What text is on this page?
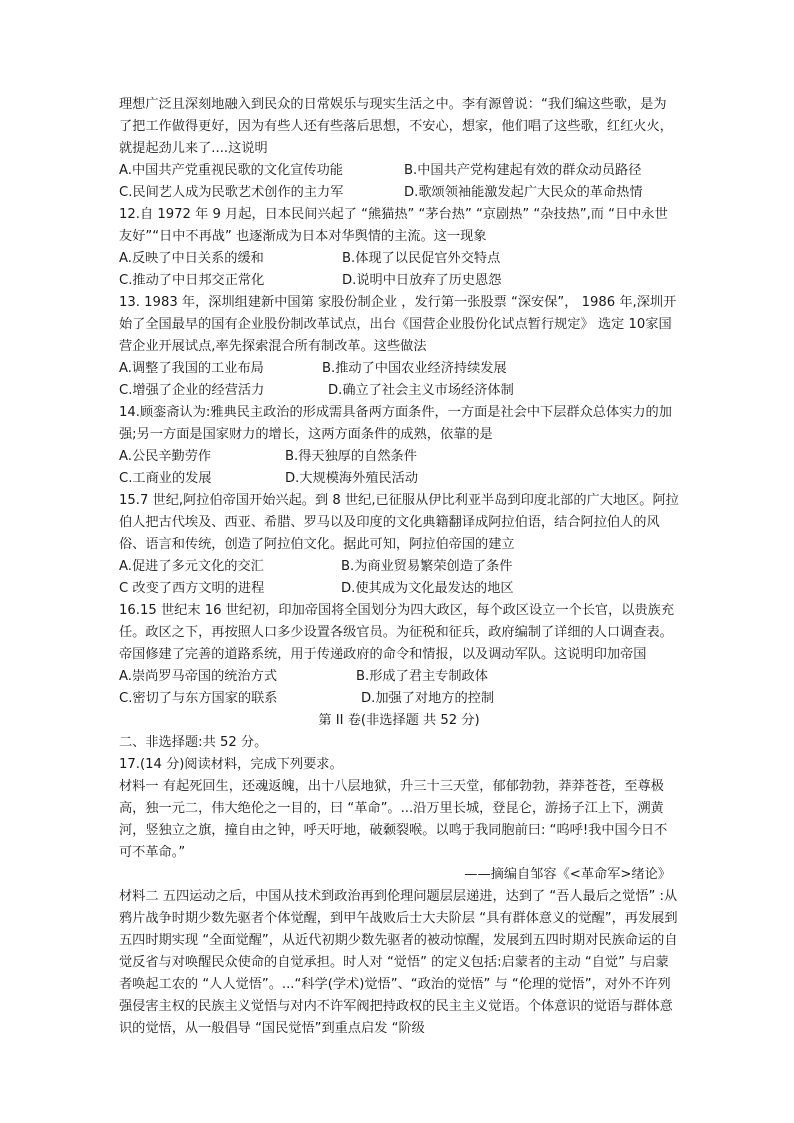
理想广泛且深刻地融入到民众的日常娱乐与现实生活之中。李有源曾说：“我们编这些歌，是为了把工作做得更好，因为有些人还有些落后思想，不安心，想家，他们唱了这些歌，红红火火，就提起劲儿来了....这说明

A.中国共产党重视民歌的文化宣传功能	B.中国共产党构建起有效的群众动员路径
C.民间艺人成为民歌艺术创作的主力军	D.歌颂领袖能激发起广大民众的革命热情

12.自 1972 年 9 月起，日本民间兴起了 “熊猫热” “茅台热” “京剧热” “杂技热”,而 “日中永世友好”“日中不再战” 也逐渐成为日本对华舆情的主流。这一现象

A.反映了中日关系的缓和	B.体现了以民促官外交特点
C.推动了中日邦交正常化	D.说明中日放弃了历史恩怨

13. 1983 年，深圳组建新中国第 家股份制企业 ，发行第一张股票 “深安保”， 1986 年,深圳开始了全国最早的国有企业股份制改革试点，出台《国营企业股份化试点暂行规定》 选定 10家国营企业开展试点,率先探索混合所有制改革。这些做法

A.调整了我国的工业布局	B.推动了中国农业经济持续发展
C.增强了企业的经营活力	D.确立了社会主义市场经济体制

14.顾銮斋认为:雅典民主政治的形成需具备两方面条件，一方面是社会中下层群众总体实力的加强;另一方面是国家财力的增长，这两方面条件的成熟，依靠的是

A.公民辛勤劳作	B.得天独厚的自然条件
C.工商业的发展	D.大规模海外殖民活动

15.7 世纪,阿拉伯帝国开始兴起。到 8 世纪,已征服从伊比利亚半岛到印度北部的广大地区。阿拉伯人把古代埃及、西亚、希腊、罗马以及印度的文化典籍翻译成阿拉伯语，结合阿拉伯人的风俗、语言和传统，创造了阿拉伯文化。据此可知，阿拉伯帝国的建立

A.促进了多元文化的交汇	B.为商业贸易繁荣创造了条件
C 改变了西方文明的进程	D.使其成为文化最发达的地区

16.15 世纪末 16 世纪初，印加帝国将全国划分为四大政区，每个政区设立一个长官，以贵族充任。政区之下，再按照人口多少设置各级官员。为征税和征兵，政府编制了详细的人口调查表。帝国修建了完善的道路系统，用于传递政府的命令和情报，以及调动军队。这说明印加帝国

A.崇尚罗马帝国的统治方式	B.形成了君主专制政体
C.密切了与东方国家的联系	D.加强了对地方的控制
第 II 卷(非选择题 共 52 分)
二、非选择题:共 52 分。
17.(14 分)阅读材料，完成下列要求。

材料一 有起死回生，还魂返魄，出十八层地狱，升三十三天堂，郁郁勃勃，莽莽苍苍，至尊极高，独一元二，伟大绝伦之一目的，曰 “革命”。...沿万里长城，登昆仑，游扬子江上下，溯黄河，竖独立之旗，撞自由之钟，呼天吁地，破颡裂喉。以鸣于我同胞前曰: “呜呼!我中国今日不可不革命。”

——摘编自邹容《<革命军>绪论》

材料二 五四运动之后，中国从技术到政治再到伦理问题层层递进，达到了 “吾人最后之觉悟” :从鸦片战争时期少数先驱者个体觉醒，到甲午战败后士大夫阶层 “具有群体意义的觉醒”，再发展到五四时期实现 “全面觉醒”，从近代初期少数先驱者的被动惊醒，发展到五四时期对民族命运的自觉反省与对唤醒民众使命的自觉承担。时人对 “觉悟” 的定义包括:启蒙者的主动 “自觉” 与启蒙者唤起工农的 “人人觉悟”。...“科学(学术)觉悟”、“政治的觉悟” 与 “伦理的觉悟”，对外不许列强侵害主权的民族主义觉悟与对内不许军阀把持政权的民主主义觉语。个体意识的觉语与群体意识的觉悟，从一般倡导 “国民觉悟”到重点启发 “阶级
